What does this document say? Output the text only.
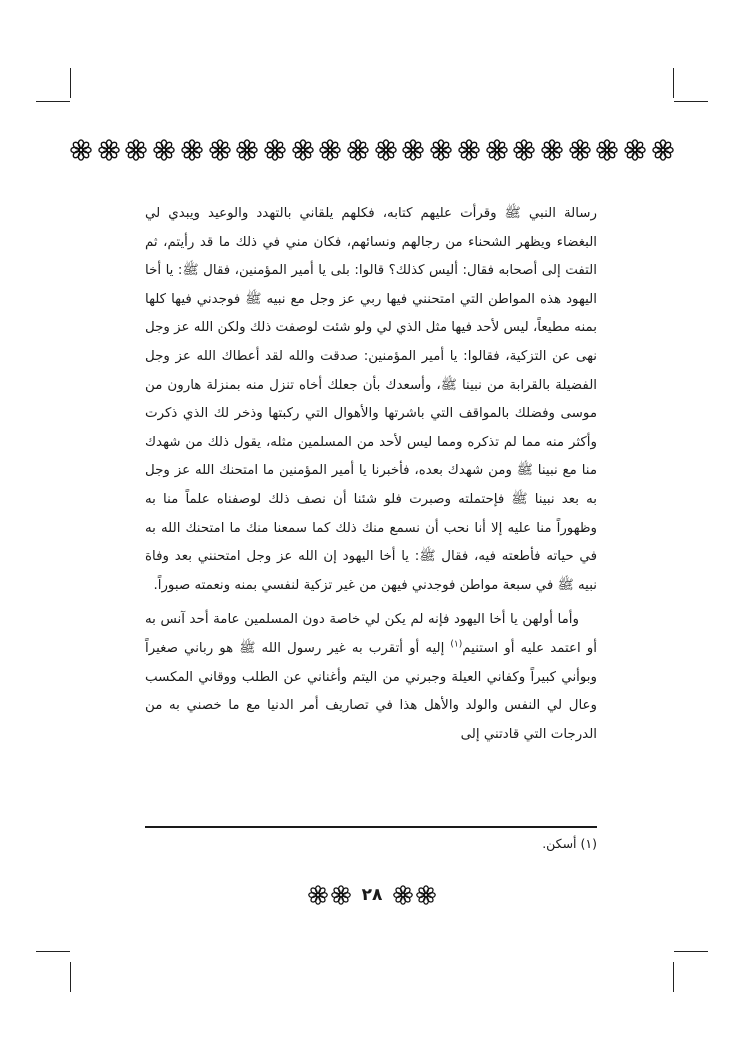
رسالة النبي ﷺ وقرأت عليهم كتابه، فكلهم يلقاني بالتهدد والوعيد ويبدي لي البغضاء ويظهر الشحناء من رجالهم ونسائهم، فكان مني في ذلك ما قد رأيتم، ثم التفت إلى أصحابه فقال: أليس كذلك؟ قالوا: بلى يا أمير المؤمنين، فقال ﷺ: يا أخا اليهود هذه المواطن التي امتحنني فيها ربي عز وجل مع نبيه ﷺ فوجدني فيها كلها بمنه مطيعاً، ليس لأحد فيها مثل الذي لي ولو شئت لوصفت ذلك ولكن الله عز وجل نهى عن التزكية، فقالوا: يا أمير المؤمنين: صدقت والله لقد أعطاك الله عز وجل الفضيلة بالقرابة من نبينا ﷺ، وأسعدك بأن جعلك أخاه تنزل منه بمنزلة هارون من موسى وفضلك بالمواقف التي باشرتها والأهوال التي ركبتها وذخر لك الذي ذكرت وأكثر منه مما لم تذكره ومما ليس لأحد من المسلمين مثله، يقول ذلك من شهدك منا مع نبينا ﷺ ومن شهدك بعده، فأخبرنا يا أمير المؤمنين ما امتحنك الله عز وجل به بعد نبينا ﷺ فإحتملته وصبرت فلو شئنا أن نصف ذلك لوصفناه علماً منا به وظهوراً منا عليه إلا أنا نحب أن نسمع منك ذلك كما سمعنا منك ما امتحنك الله به في حياته فأطعته فيه، فقال ﷺ: يا أخا اليهود إن الله عز وجل امتحنني بعد وفاة نبيه ﷺ في سبعة مواطن فوجدني فيهن من غير تزكية لنفسي بمنه ونعمته صبوراً.

وأما أولهن يا أخا اليهود فإنه لم يكن لي خاصة دون المسلمين عامة أحد آنس به أو اعتمد عليه أو استنيم$^{(١)}$ إليه أو أتقرب به غير رسول الله ﷺ هو رباني صغيراً وبوأني كبيراً وكفاني العيلة وجبرني من اليتم وأغناني عن الطلب ووقاني المكسب وعال لي النفس والولد والأهل هذا في تصاريف أمر الدنيا مع ما خصني به من الدرجات التي قادتني إلى

(١) أسكن.
٢٨
